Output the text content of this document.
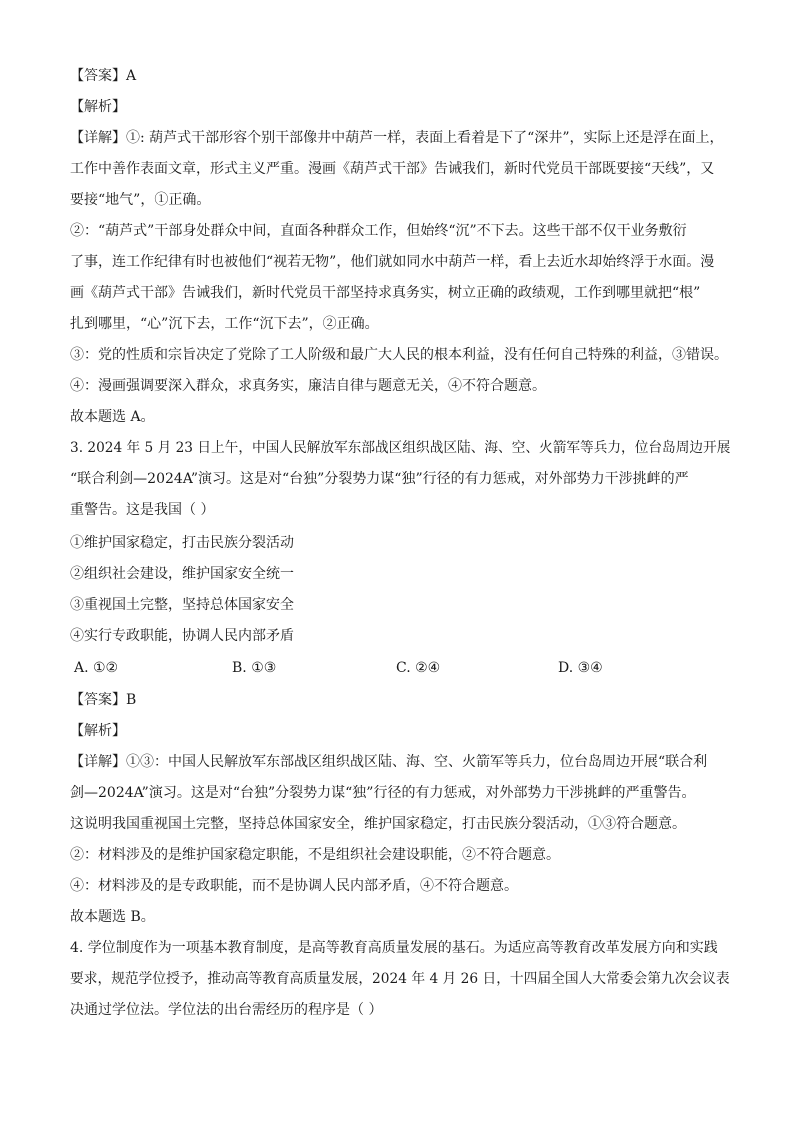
【答案】A
【解析】
【详解】①: 葫芦式干部形容个别干部像井中葫芦一样，表面上看着是下了“深井”，实际上还是浮在面上，
工作中善作表面文章，形式主义严重。漫画《葫芦式干部》告诫我们，新时代党员干部既要接“天线”，又
要接“地气”，①正确。
②：“葫芦式”干部身处群众中间，直面各种群众工作，但始终“沉”不下去。这些干部不仅干业务敷衍
了事，连工作纪律有时也被他们“视若无物”，他们就如同水中葫芦一样，看上去近水却始终浮于水面。漫
画《葫芦式干部》告诫我们，新时代党员干部坚持求真务实，树立正确的政绩观，工作到哪里就把“根”
扎到哪里，“心”沉下去，工作“沉下去”，②正确。
③：党的性质和宗旨决定了党除了工人阶级和最广大人民的根本利益，没有任何自己特殊的利益，③错误。
④：漫画强调要深入群众，求真务实，廉洁自律与题意无关，④不符合题意。
故本题选 A。
3. 2024 年 5 月 23 日上午，中国人民解放军东部战区组织战区陆、海、空、火箭军等兵力，位台岛周边开展
“联合利剑—2024A”演习。这是对“台独”分裂势力谋“独”行径的有力惩戒，对外部势力干涉挑衅的严
重警告。这是我国（ ）
①维护国家稳定，打击民族分裂活动
②组织社会建设，维护国家安全统一
③重视国土完整，坚持总体国家安全
④实行专政职能，协调人民内部矛盾
A. ①②	B. ①③	C. ②④	D. ③④
【答案】B
【解析】
【详解】①③：中国人民解放军东部战区组织战区陆、海、空、火箭军等兵力，位台岛周边开展“联合利
剑—2024A”演习。这是对“台独”分裂势力谋“独”行径的有力惩戒，对外部势力干涉挑衅的严重警告。
这说明我国重视国土完整，坚持总体国家安全，维护国家稳定，打击民族分裂活动，①③符合题意。
②：材料涉及的是维护国家稳定职能，不是组织社会建设职能，②不符合题意。
④：材料涉及的是专政职能，而不是协调人民内部矛盾，④不符合题意。
故本题选 B。
4. 学位制度作为一项基本教育制度，是高等教育高质量发展的基石。为适应高等教育改革发展方向和实践
要求，规范学位授予，推动高等教育高质量发展，2024 年 4 月 26 日，十四届全国人大常委会第九次会议表
决通过学位法。学位法的出台需经历的程序是（ ）
